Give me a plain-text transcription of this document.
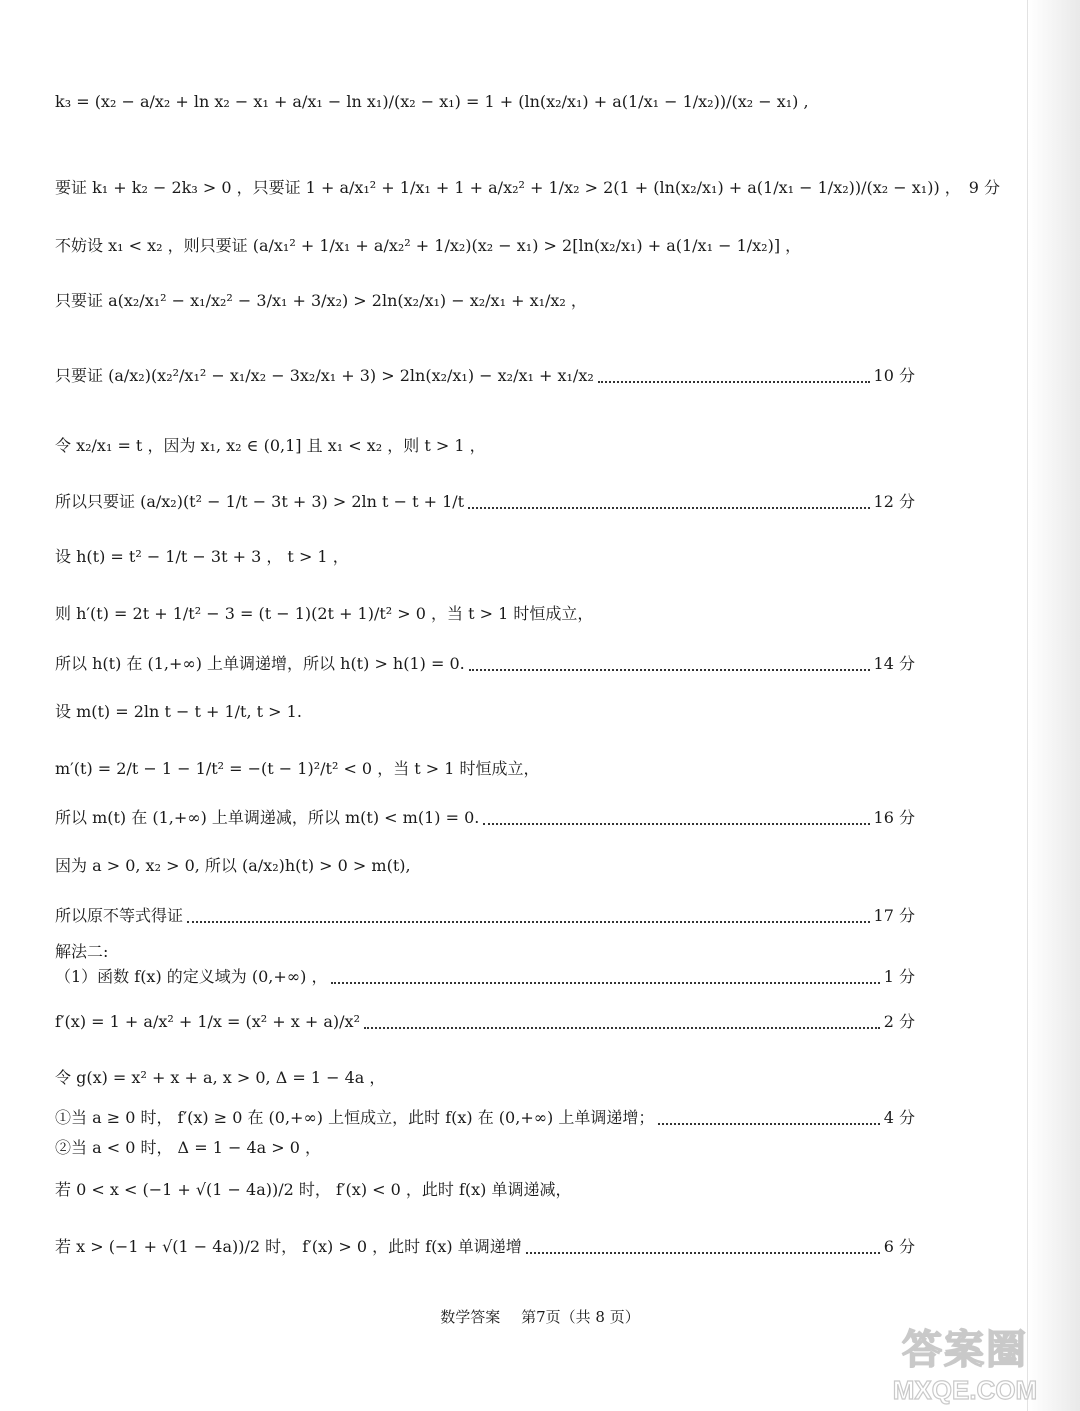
k₃ = (x₂ − a/x₂ + ln x₂ − x₁ + a/x₁ − ln x₁)/(x₂ − x₁) = 1 + (ln(x₂/x₁) + a(1/x₁ − 1/x₂))/(x₂ − x₁) ,
要证 k₁ + k₂ − 2k₃ > 0 ，只要证 1 + a/x₁² + 1/x₁ + 1 + a/x₂² + 1/x₂ > 2(1 + (ln(x₂/x₁) + a(1/x₁ − 1/x₂))/(x₂ − x₁)) ， 9 分
不妨设 x₁ < x₂ ，则只要证 (a/x₁² + 1/x₁ + a/x₂² + 1/x₂)(x₂ − x₁) > 2[ln(x₂/x₁) + a(1/x₁ − 1/x₂)] ，
只要证 a(x₂/x₁² − x₁/x₂² − 3/x₁ + 3/x₂) > 2ln(x₂/x₁) − x₂/x₁ + x₁/x₂ ，
只要证 (a/x₂)(x₂²/x₁² − x₁/x₂ − 3x₂/x₁ + 3) > 2ln(x₂/x₁) − x₂/x₁ + x₁/x₂	10 分
令 x₂/x₁ = t ，因为 x₁, x₂ ∈ (0,1] 且 x₁ < x₂ ，则 t > 1 ，
所以只要证 (a/x₂)(t² − 1/t − 3t + 3) > 2ln t − t + 1/t	12 分
设 h(t) = t² − 1/t − 3t + 3 ， t > 1 ，
则 h′(t) = 2t + 1/t² − 3 = (t − 1)(2t + 1)/t² > 0 ，当 t > 1 时恒成立，
所以 h(t) 在 (1,+∞) 上单调递增，所以 h(t) > h(1) = 0.	14 分
设 m(t) = 2ln t − t + 1/t, t > 1.
m′(t) = 2/t − 1 − 1/t² = −(t − 1)²/t² < 0 ，当 t > 1 时恒成立，
所以 m(t) 在 (1,+∞) 上单调递减，所以 m(t) < m(1) = 0.	16 分
因为 a > 0, x₂ > 0, 所以 (a/x₂)h(t) > 0 > m(t),
所以原不等式得证	17 分
解法二:
（1）函数 f(x) 的定义域为 (0,+∞) ，	1 分
f′(x) = 1 + a/x² + 1/x = (x² + x + a)/x²	2 分
令 g(x) = x² + x + a, x > 0, Δ = 1 − 4a ，
①当 a ≥ 0 时， f′(x) ≥ 0 在 (0,+∞) 上恒成立，此时 f(x) 在 (0,+∞) 上单调递增；	4 分
②当 a < 0 时， Δ = 1 − 4a > 0 ，
若 0 < x < (−1 + √(1 − 4a))/2 时， f′(x) < 0 ，此时 f(x) 单调递减，
若 x > (−1 + √(1 − 4a))/2 时， f′(x) > 0 ，此时 f(x) 单调递增	6 分
数学答案 第7页（共 8 页）
答案圈
MXQE.COM
